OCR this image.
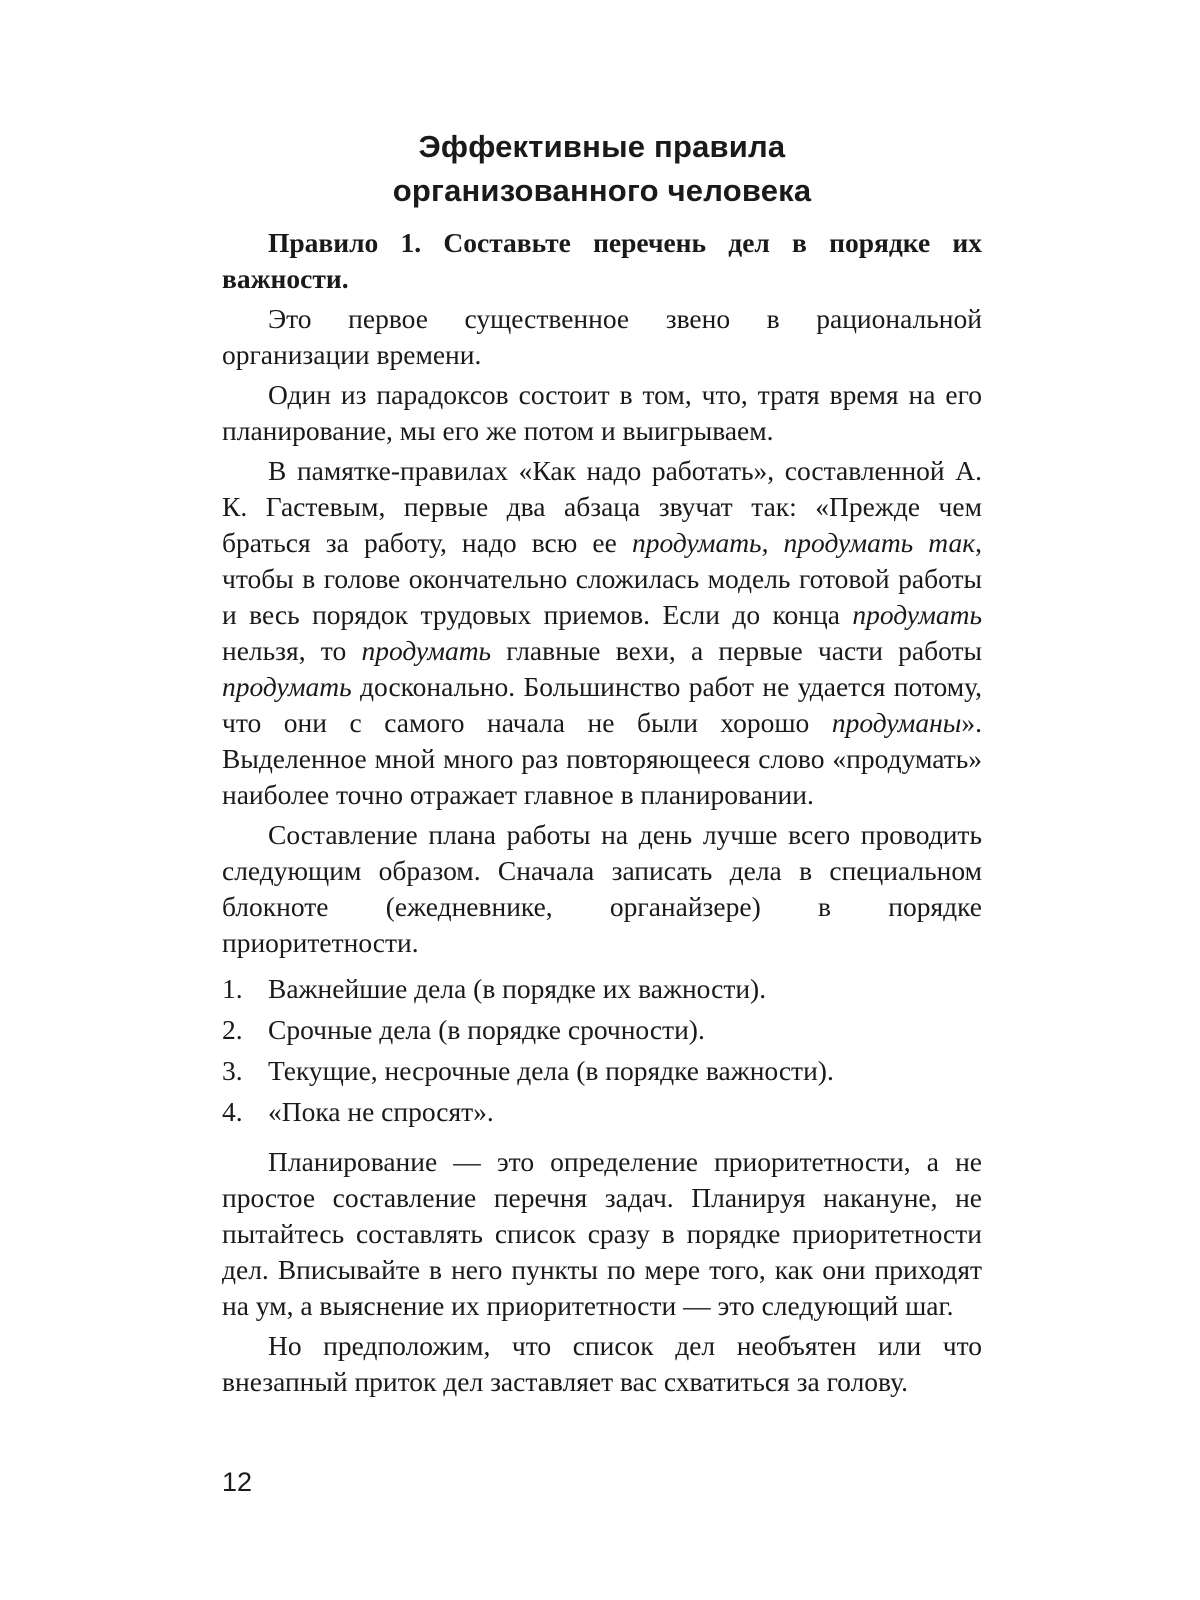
Эффективные правила
организованного человека

Правило 1. Составьте перечень дел в порядке их важности.

Это первое существенное звено в рациональной организации времени.

Один из парадоксов состоит в том, что, тратя время на его планирование, мы его же потом и выигрываем.

В памятке-правилах «Как надо работать», составленной А. К. Гастевым, первые два абзаца звучат так: «Прежде чем браться за работу, надо всю ее продумать, продумать так, чтобы в голове окончательно сложилась модель готовой работы и весь порядок трудовых приемов. Если до конца продумать нельзя, то продумать главные вехи, а первые части работы продумать досконально. Большинство работ не удается потому, что они с самого начала не были хорошо продуманы». Выделенное мной много раз повторяющееся слово «продумать» наиболее точно отражает главное в планировании.

Составление плана работы на день лучше всего проводить следующим образом. Сначала записать дела в специальном блокноте (ежедневнике, органайзере) в порядке приоритетности.

1. Важнейшие дела (в порядке их важности).
2. Срочные дела (в порядке срочности).
3. Текущие, несрочные дела (в порядке важности).
4. «Пока не спросят».

Планирование — это определение приоритетности, а не простое составление перечня задач. Планируя накануне, не пытайтесь составлять список сразу в порядке приоритетности дел. Вписывайте в него пункты по мере того, как они приходят на ум, а выяснение их приоритетности — это следующий шаг.

Но предположим, что список дел необъятен или что внезапный приток дел заставляет вас схватиться за голову.

12
